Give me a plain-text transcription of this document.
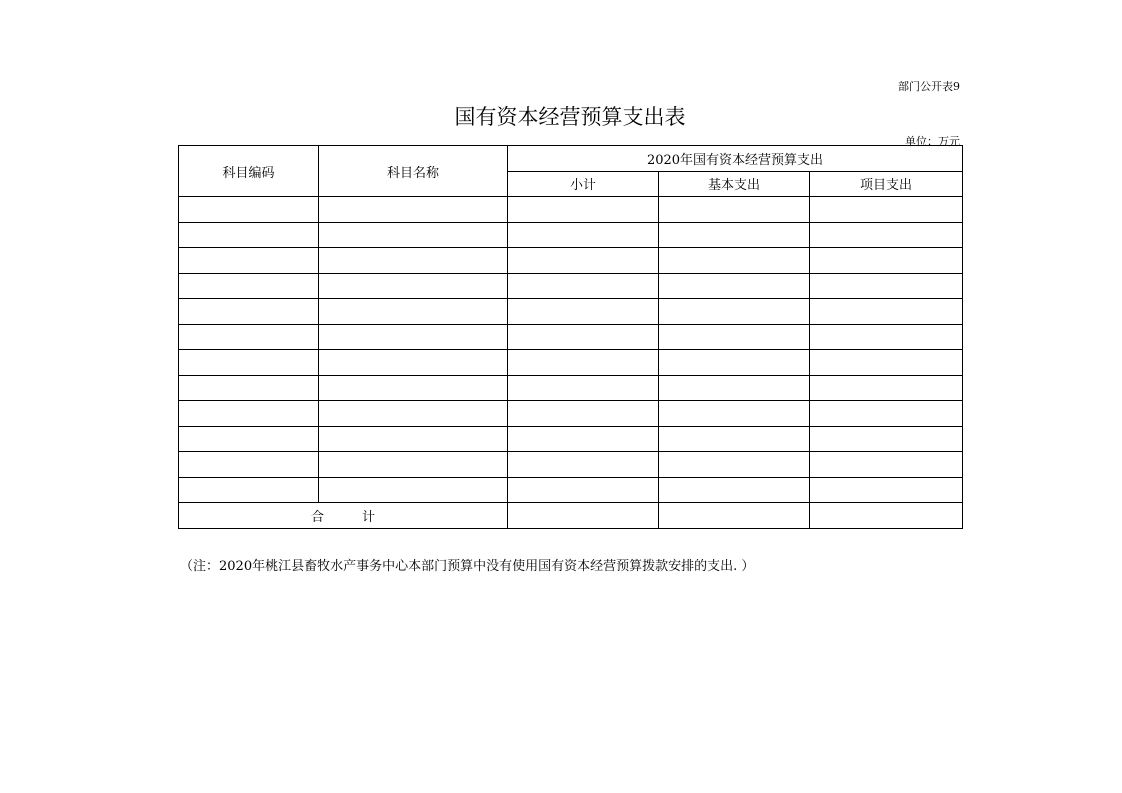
部门公开表9
国有资本经营预算支出表
单位：万元
科目编码	科目名称	2020年国有资本经营预算支出		
		小计	基本支出	项目支出

合 计				
（注：2020年桃江县畜牧水产事务中心本部门预算中没有使用国有资本经营预算拨款安排的支出. ）
